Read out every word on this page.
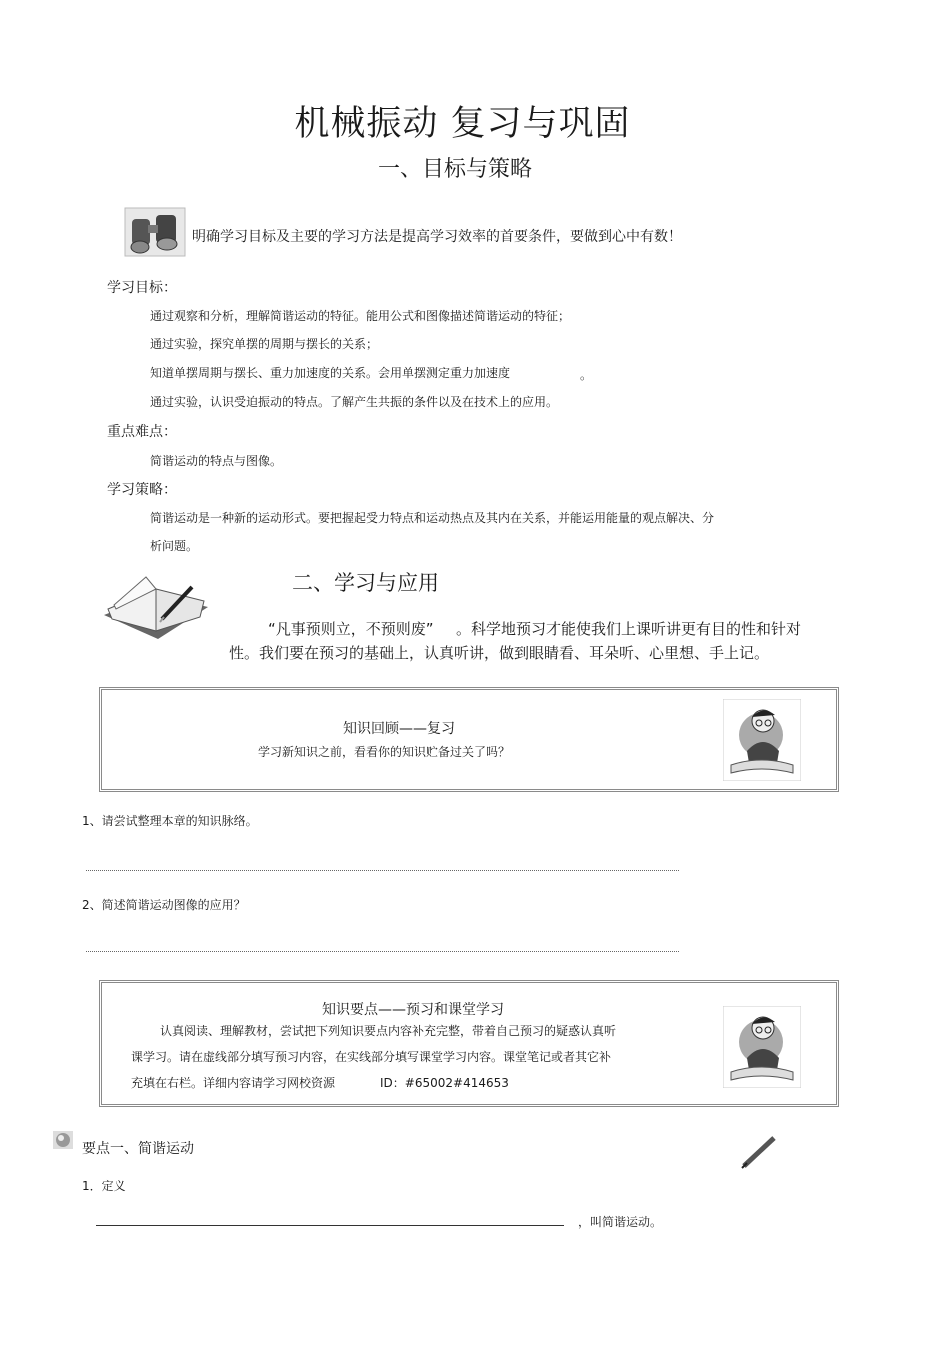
机械振动 复习与巩固
一、目标与策略
明确学习目标及主要的学习方法是提高学习效率的首要条件，要做到心中有数！
学习目标：
通过观察和分析，理解简谐运动的特征。能用公式和图像描述简谐运动的特征；
通过实验，探究单摆的周期与摆长的关系；
知道单摆周期与摆长、重力加速度的关系。会用单摆测定重力加速度	。
通过实验，认识受迫振动的特点。了解产生共振的条件以及在技术上的应用。
重点难点：
简谐运动的特点与图像。
学习策略：
简谐运动是一种新的运动形式。要把握起受力特点和运动热点及其内在关系，并能运用能量的观点解决、分
析问题。
二、学习与应用
“凡事预则立，不预则废” 。科学地预习才能使我们上课听讲更有目的性和针对
性。我们要在预习的基础上，认真听讲，做到眼睛看、耳朵听、心里想、手上记。
知识回顾——复习
学习新知识之前，看看你的知识贮备过关了吗？
1、请尝试整理本章的知识脉络。
2、简述简谐运动图像的应用？
知识要点——预习和课堂学习
认真阅读、理解教材，尝试把下列知识要点内容补充完整，带着自己预习的疑惑认真听
课学习。请在虚线部分填写预习内容，在实线部分填写课堂学习内容。课堂笔记或者其它补
充填在右栏。详细内容请学习网校资源	ID：#65002#414653
要点一、简谐运动
1．定义
，叫简谐运动。
